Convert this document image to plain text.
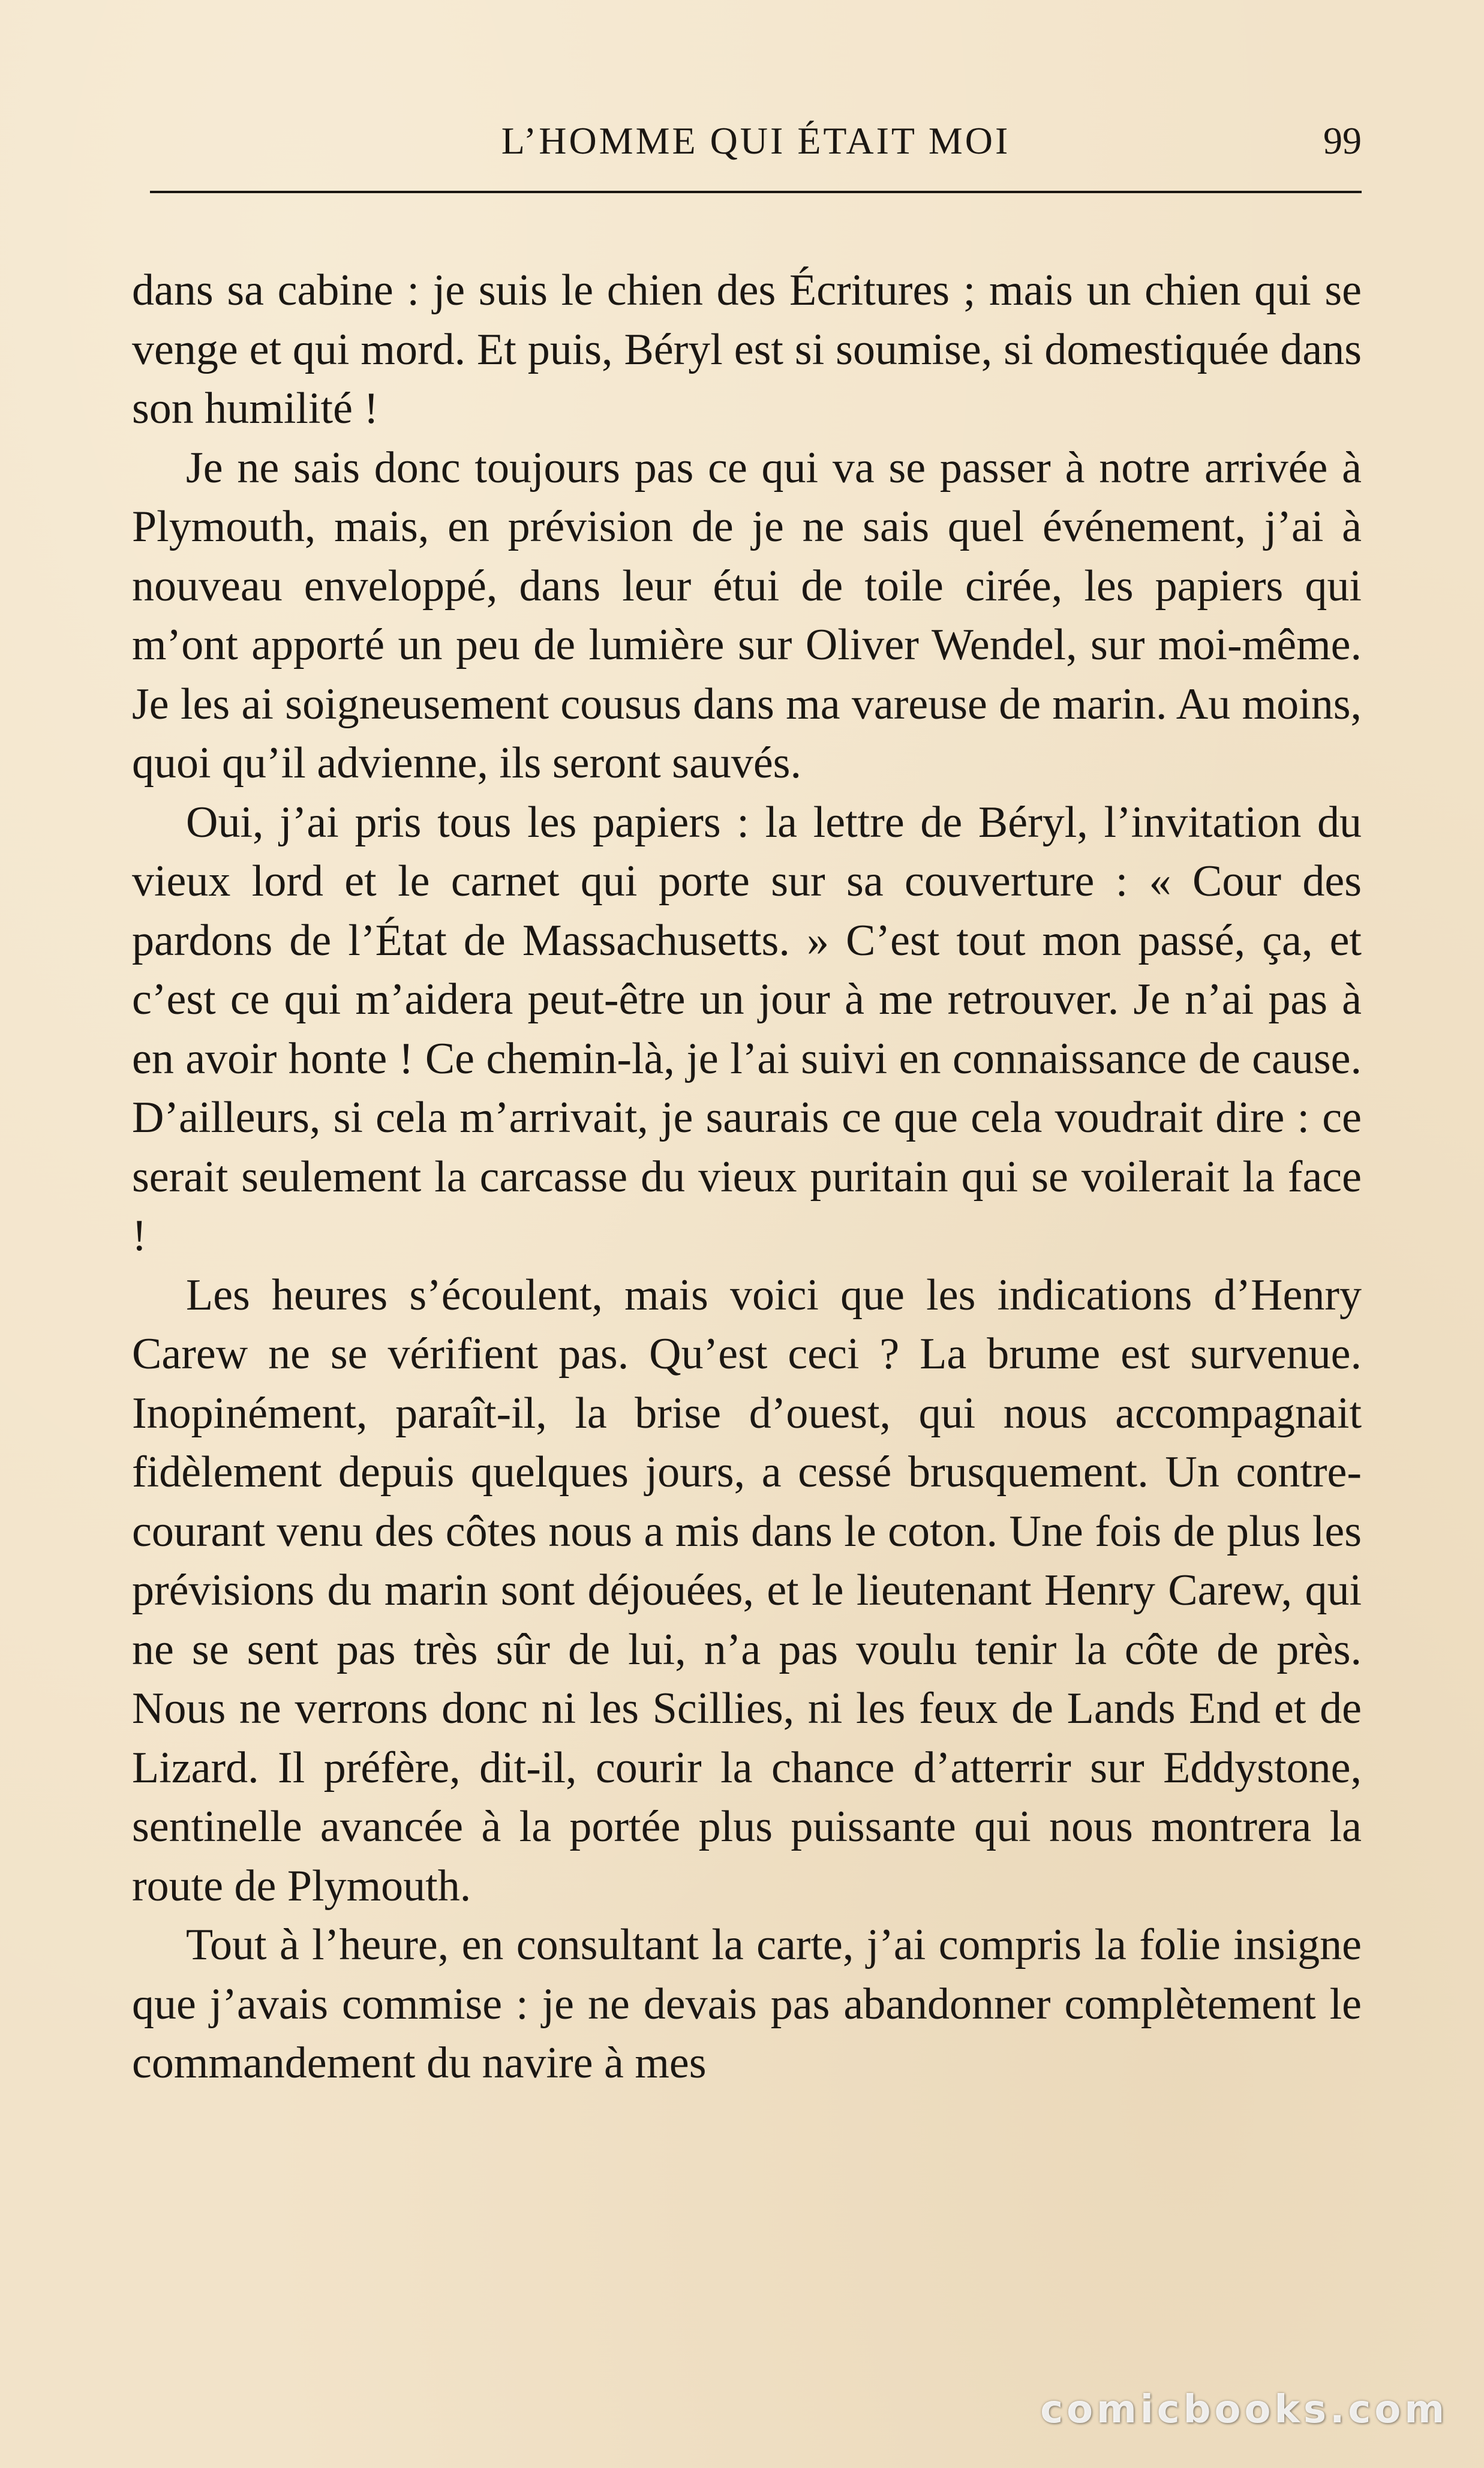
L’HOMME QUI ÉTAIT MOI	99

dans sa cabine : je suis le chien des Écritures ; mais un chien qui se venge et qui mord. Et puis, Béryl est si soumise, si domestiquée dans son humilité !

Je ne sais donc toujours pas ce qui va se passer à notre arrivée à Plymouth, mais, en prévision de je ne sais quel événement, j’ai à nouveau enveloppé, dans leur étui de toile cirée, les papiers qui m’ont apporté un peu de lumière sur Oliver Wendel, sur moi-même. Je les ai soigneusement cousus dans ma vareuse de marin. Au moins, quoi qu’il advienne, ils seront sauvés.

Oui, j’ai pris tous les papiers : la lettre de Béryl, l’invitation du vieux lord et le carnet qui porte sur sa couverture : « Cour des pardons de l’État de Massachusetts. » C’est tout mon passé, ça, et c’est ce qui m’aidera peut-être un jour à me retrouver. Je n’ai pas à en avoir honte ! Ce chemin-là, je l’ai suivi en connaissance de cause. D’ailleurs, si cela m’arrivait, je saurais ce que cela voudrait dire : ce serait seulement la carcasse du vieux puritain qui se voilerait la face !

Les heures s’écoulent, mais voici que les indications d’Henry Carew ne se vérifient pas. Qu’est ceci ? La brume est survenue. Inopinément, paraît-il, la brise d’ouest, qui nous accompagnait fidèlement depuis quelques jours, a cessé brusquement. Un contre-courant venu des côtes nous a mis dans le coton. Une fois de plus les prévisions du marin sont déjouées, et le lieutenant Henry Carew, qui ne se sent pas très sûr de lui, n’a pas voulu tenir la côte de près. Nous ne verrons donc ni les Scillies, ni les feux de Lands End et de Lizard. Il préfère, dit-il, courir la chance d’atterrir sur Eddystone, sentinelle avancée à la portée plus puissante qui nous montrera la route de Plymouth.

Tout à l’heure, en consultant la carte, j’ai compris la folie insigne que j’avais commise : je ne devais pas abandonner complètement le commandement du navire à mes

comicbooks.com
